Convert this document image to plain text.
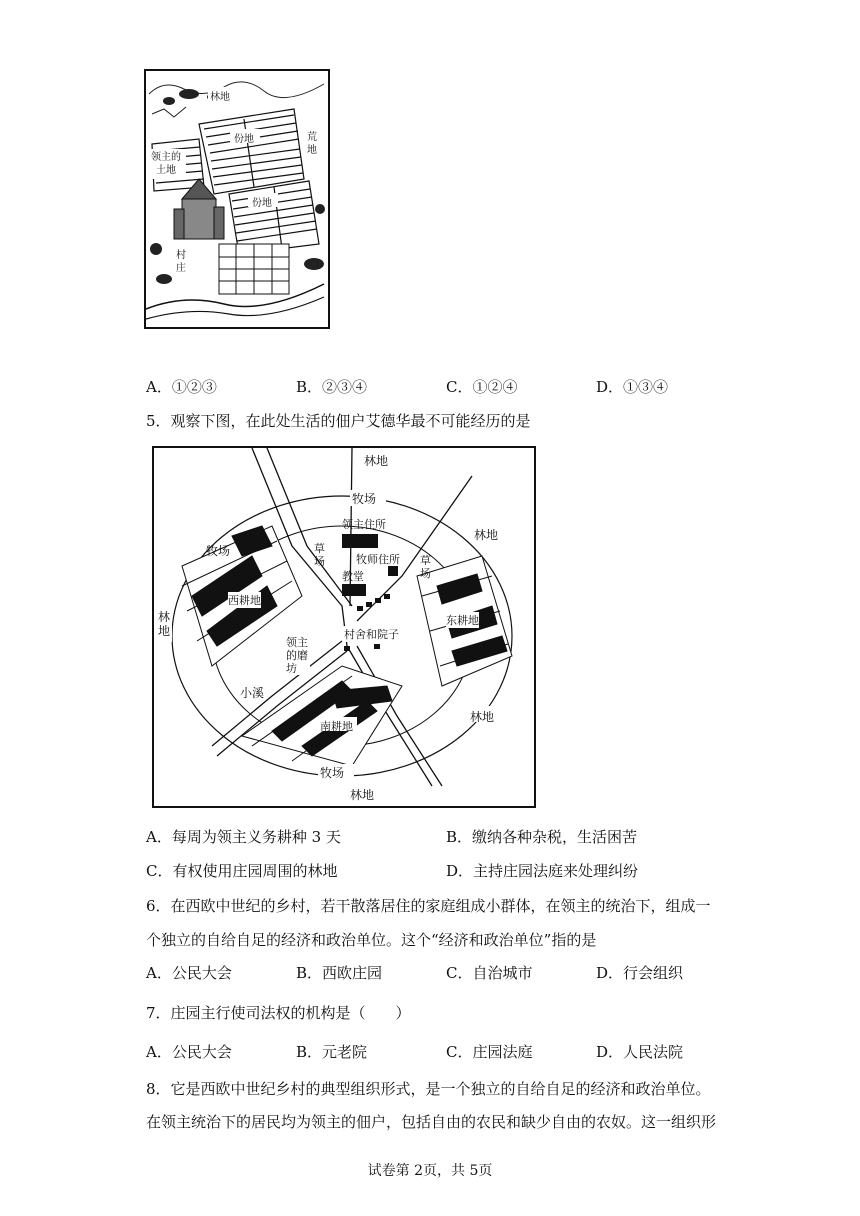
林地
荒地
领主的土地
份地
份地
村庄
A．①②③	B．②③④	C．①②④	D．①③④
5．观察下图，在此处生活的佃户艾德华最不可能经历的是
林地
牧场
林地
领主住所
牧师住所
教堂
草场	草场
牧场
西耕地
林地
东耕地
村舍和院子
领主的磨坊
小溪
林地
南耕地
牧场
林地
A．每周为领主义务耕种 3 天	B．缴纳各种杂税，生活困苦
C．有权使用庄园周围的林地	D．主持庄园法庭来处理纠纷
6．在西欧中世纪的乡村，若干散落居住的家庭组成小群体，在领主的统治下，组成一
个独立的自给自足的经济和政治单位。这个“经济和政治单位”指的是
A．公民大会	B．西欧庄园	C．自治城市	D．行会组织
7．庄园主行使司法权的机构是（　　）
A．公民大会	B．元老院	C．庄园法庭	D．人民法院
8．它是西欧中世纪乡村的典型组织形式，是一个独立的自给自足的经济和政治单位。
在领主统治下的居民均为领主的佃户，包括自由的农民和缺少自由的农奴。这一组织形
试卷第 2页，共 5页
